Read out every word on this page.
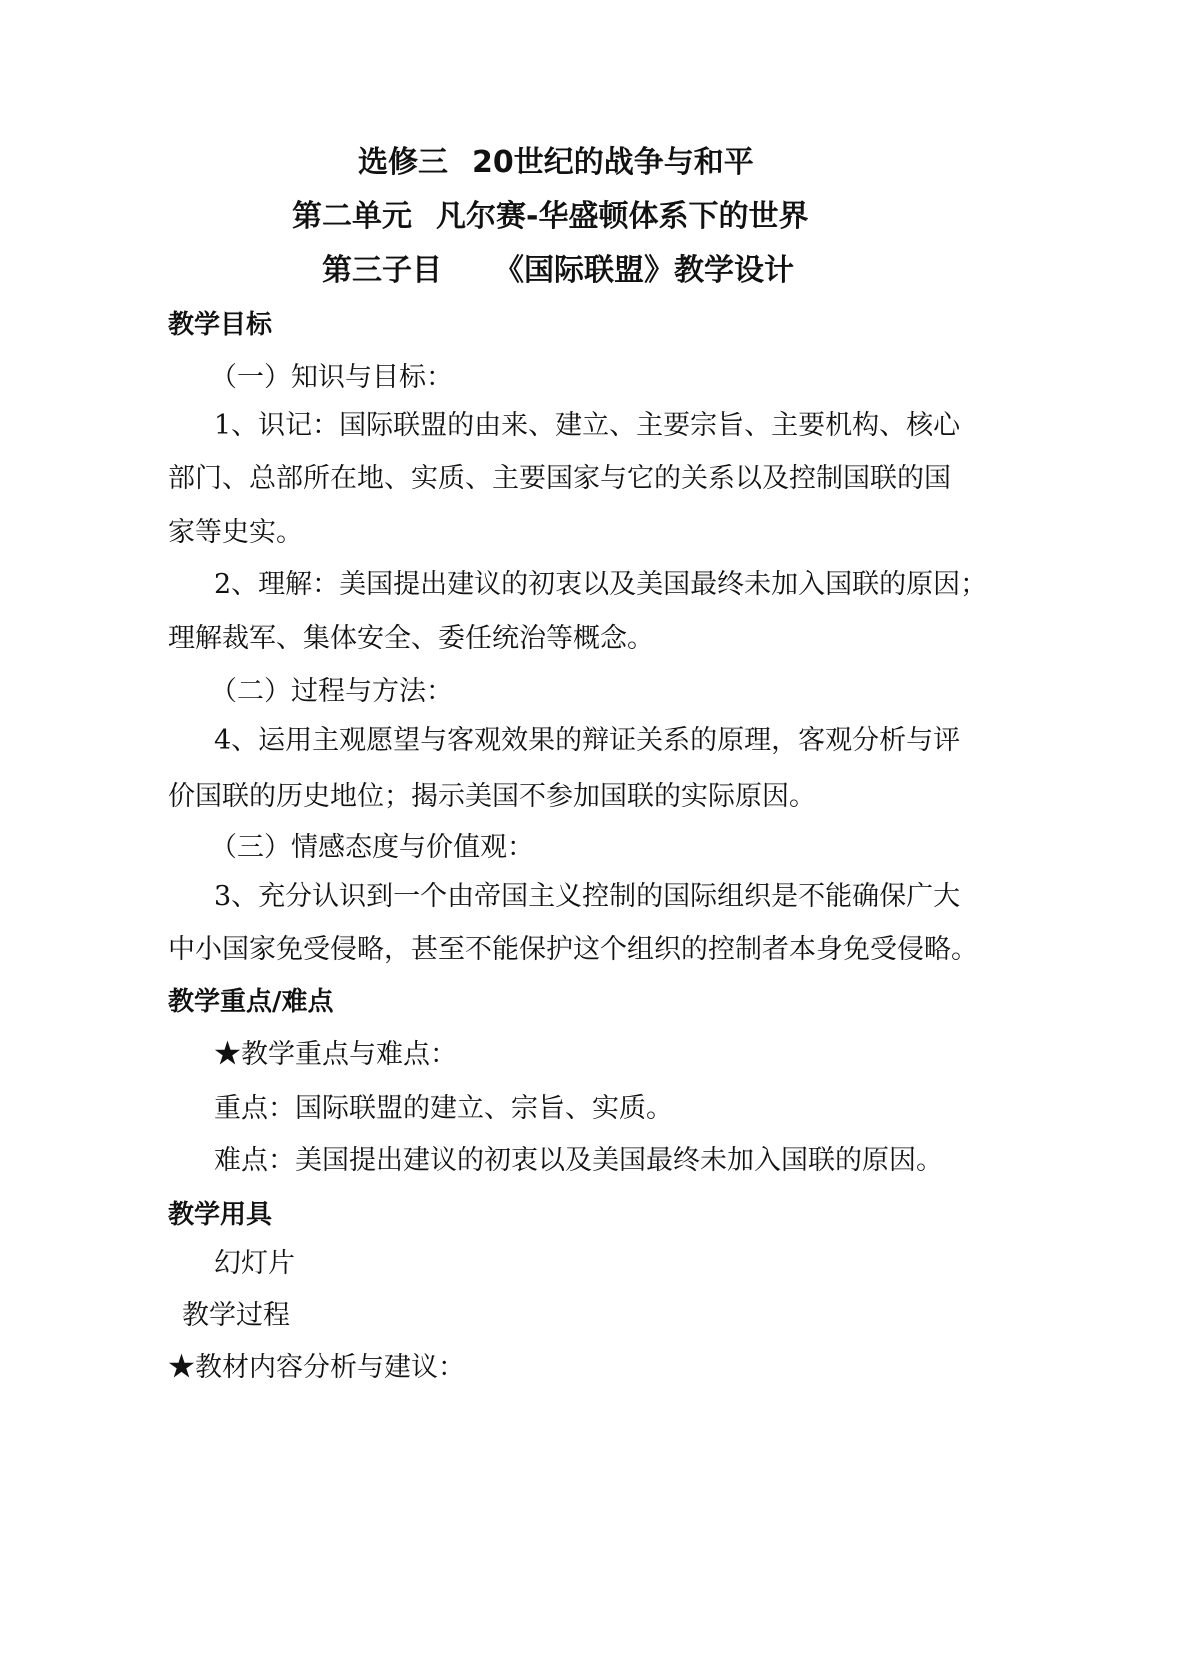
选修三 20世纪的战争与和平
第二单元 凡尔赛-华盛顿体系下的世界
第三子目 《国际联盟》教学设计
教学目标
（一）知识与目标：
1、识记：国际联盟的由来、建立、主要宗旨、主要机构、核心
部门、总部所在地、实质、主要国家与它的关系以及控制国联的国
家等史实。
2、理解：美国提出建议的初衷以及美国最终未加入国联的原因；
理解裁军、集体安全、委任统治等概念。
（二）过程与方法：
4、运用主观愿望与客观效果的辩证关系的原理，客观分析与评
价国联的历史地位；揭示美国不参加国联的实际原因。
（三）情感态度与价值观：
3、充分认识到一个由帝国主义控制的国际组织是不能确保广大
中小国家免受侵略，甚至不能保护这个组织的控制者本身免受侵略。
教学重点/难点
★教学重点与难点：
重点：国际联盟的建立、宗旨、实质。
难点：美国提出建议的初衷以及美国最终未加入国联的原因。
教学用具
幻灯片
教学过程
★教材内容分析与建议：
